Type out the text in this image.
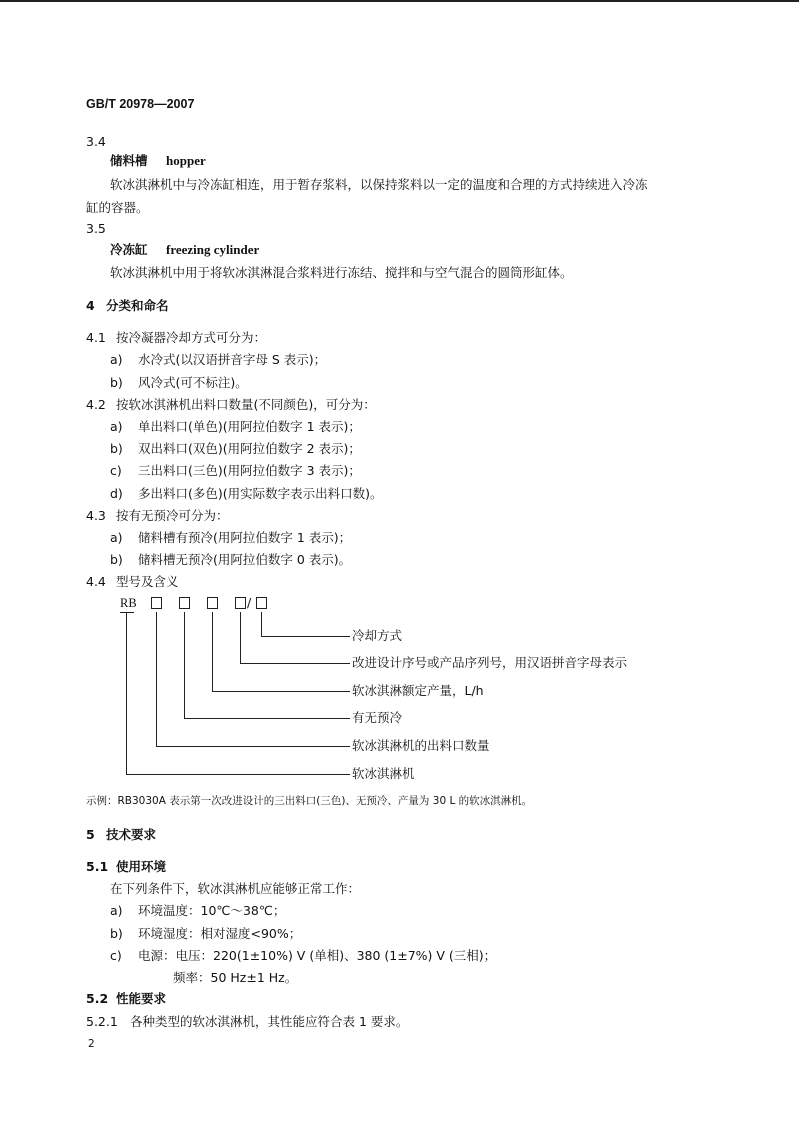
GB/T 20978—2007
3.4
储料槽 hopper
软冰淇淋机中与冷冻缸相连，用于暂存浆料，以保持浆料以一定的温度和合理的方式持续进入冷冻
缸的容器。
3.5
冷冻缸 freezing cylinder
软冰淇淋机中用于将软冰淇淋混合浆料进行冻结、搅拌和与空气混合的圆筒形缸体。
4 分类和命名
4.1 按冷凝器冷却方式可分为：
a) 水冷式(以汉语拼音字母 S 表示)；
b) 风冷式(可不标注)。
4.2 按软冰淇淋机出料口数量(不同颜色)，可分为：
a) 单出料口(单色)(用阿拉伯数字 1 表示)；
b) 双出料口(双色)(用阿拉伯数字 2 表示)；
c) 三出料口(三色)(用阿拉伯数字 3 表示)；
d) 多出料口(多色)(用实际数字表示出料口数)。
4.3 按有无预冷可分为：
a) 储料槽有预冷(用阿拉伯数字 1 表示)；
b) 储料槽无预冷(用阿拉伯数字 0 表示)。
4.4 型号及含义
RB	/
冷却方式
改进设计序号或产品序列号，用汉语拼音字母表示
软冰淇淋额定产量，L/h
有无预冷
软冰淇淋机的出料口数量
软冰淇淋机
示例：RB3030A 表示第一次改进设计的三出料口(三色)、无预冷、产量为 30 L 的软冰淇淋机。
5 技术要求
5.1 使用环境
在下列条件下，软冰淇淋机应能够正常工作：
a) 环境温度：10℃～38℃；
b) 环境湿度：相对湿度<90%；
c) 电源：电压：220(1±10%) V (单相)、380 (1±7%) V (三相)；
频率：50 Hz±1 Hz。
5.2 性能要求
5.2.1 各种类型的软冰淇淋机，其性能应符合表 1 要求。
2
